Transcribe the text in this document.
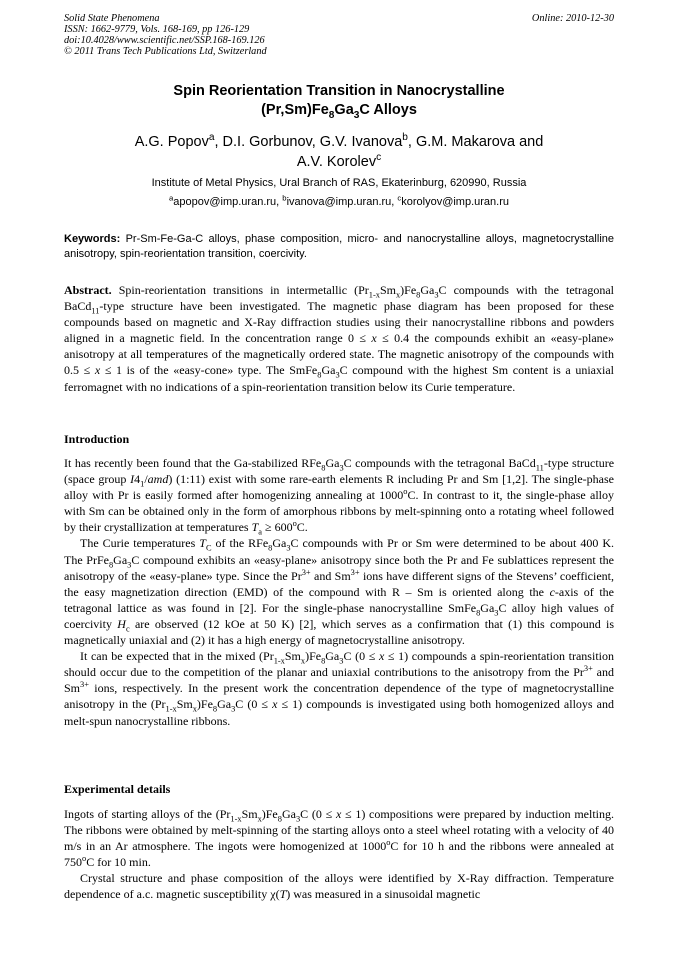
Solid State Phenomena
ISSN: 1662-9779, Vols. 168-169, pp 126-129
doi:10.4028/www.scientific.net/SSP.168-169.126
© 2011 Trans Tech Publications Ltd, Switzerland
Online: 2010-12-30
Spin Reorientation Transition in Nanocrystalline
$(Pr,Sm)Fe_8Ga_3C$ Alloys
A.G. Popov$^a$, D.I. Gorbunov, G.V. Ivanova$^b$, G.M. Makarova and
A.V. Korolev$^c$
Institute of Metal Physics, Ural Branch of RAS, Ekaterinburg, 620990, Russia
$^a$apopov@imp.uran.ru, $^b$ivanova@imp.uran.ru, $^c$korolyov@imp.uran.ru
Keywords: Pr-Sm-Fe-Ga-C alloys, phase composition, micro- and nanocrystalline alloys, magnetocrystalline anisotropy, spin-reorientation transition, coercivity.

Abstract. Spin-reorientation transitions in intermetallic $(Pr_{1-x}Sm_x)Fe_8Ga_3C$ compounds with the tetragonal BaCd$_{11}$-type structure have been investigated. The magnetic phase diagram has been proposed for these compounds based on magnetic and X-Ray diffraction studies using their nanocrystalline ribbons and powders aligned in a magnetic field. In the concentration range 0 ≤ x ≤ 0.4 the compounds exhibit an «easy-plane» anisotropy at all temperatures of the magnetically ordered state. The magnetic anisotropy of the compounds with 0.5 ≤ x ≤ 1 is of the «easy-cone» type. The $SmFe_8Ga_3C$ compound with the highest Sm content is a uniaxial ferromagnet with no indications of a spin-reorientation transition below its Curie temperature.

Introduction

It has recently been found that the Ga-stabilized $RFe_8Ga_3C$ compounds with the tetragonal BaCd$_{11}$-type structure (space group $I4_1/amd$) (1:11) exist with some rare-earth elements R including Pr and Sm [1,2]. The single-phase alloy with Pr is easily formed after homogenizing annealing at 1000$^o$C. In contrast to it, the single-phase alloy with Sm can be obtained only in the form of amorphous ribbons by melt-spinning onto a rotating wheel followed by their crystallization at temperatures $T_a \ge 600^oC$.

The Curie temperatures $T_C$ of the $RFe_8Ga_3C$ compounds with Pr or Sm were determined to be about 400 K. The $PrFe_8Ga_3C$ compound exhibits an «easy-plane» anisotropy since both the Pr and Fe sublattices represent the anisotropy of the «easy-plane» type. Since the $Pr^{3+}$ and $Sm^{3+}$ ions have different signs of the Stevens’ coefficient, the easy magnetization direction (EMD) of the compound with R – Sm is oriented along the c-axis of the tetragonal lattice as was found in [2]. For the single-phase nanocrystalline $SmFe_8Ga_3C$ alloy high values of coercivity $H_c$ are observed (12 kOe at 50 K) [2], which serves as a confirmation that (1) this compound is magnetically uniaxial and (2) it has a high energy of magnetocrystalline anisotropy.

It can be expected that in the mixed $(Pr_{1-x}Sm_x)Fe_8Ga_3C$ (0 ≤ x ≤ 1) compounds a spin-reorientation transition should occur due to the competition of the planar and uniaxial contributions to the anisotropy from the $Pr^{3+}$ and $Sm^{3+}$ ions, respectively. In the present work the concentration dependence of the type of magnetocrystalline anisotropy in the $(Pr_{1-x}Sm_x)Fe_8Ga_3C$ (0 ≤ x ≤ 1) compounds is investigated using both homogenized alloys and melt-spun nanocrystalline ribbons.

Experimental details

Ingots of starting alloys of the $(Pr_{1-x}Sm_x)Fe_8Ga_3C$ (0 ≤ x ≤ 1) compositions were prepared by induction melting. The ribbons were obtained by melt-spinning of the starting alloys onto a steel wheel rotating with a velocity of 40 m/s in an Ar atmosphere. The ingots were homogenized at 1000$^o$C for 10 h and the ribbons were annealed at 750$^o$C for 10 min.

Crystal structure and phase composition of the alloys were identified by X-Ray diffraction. Temperature dependence of a.c. magnetic susceptibility χ(T) was measured in a sinusoidal magnetic
